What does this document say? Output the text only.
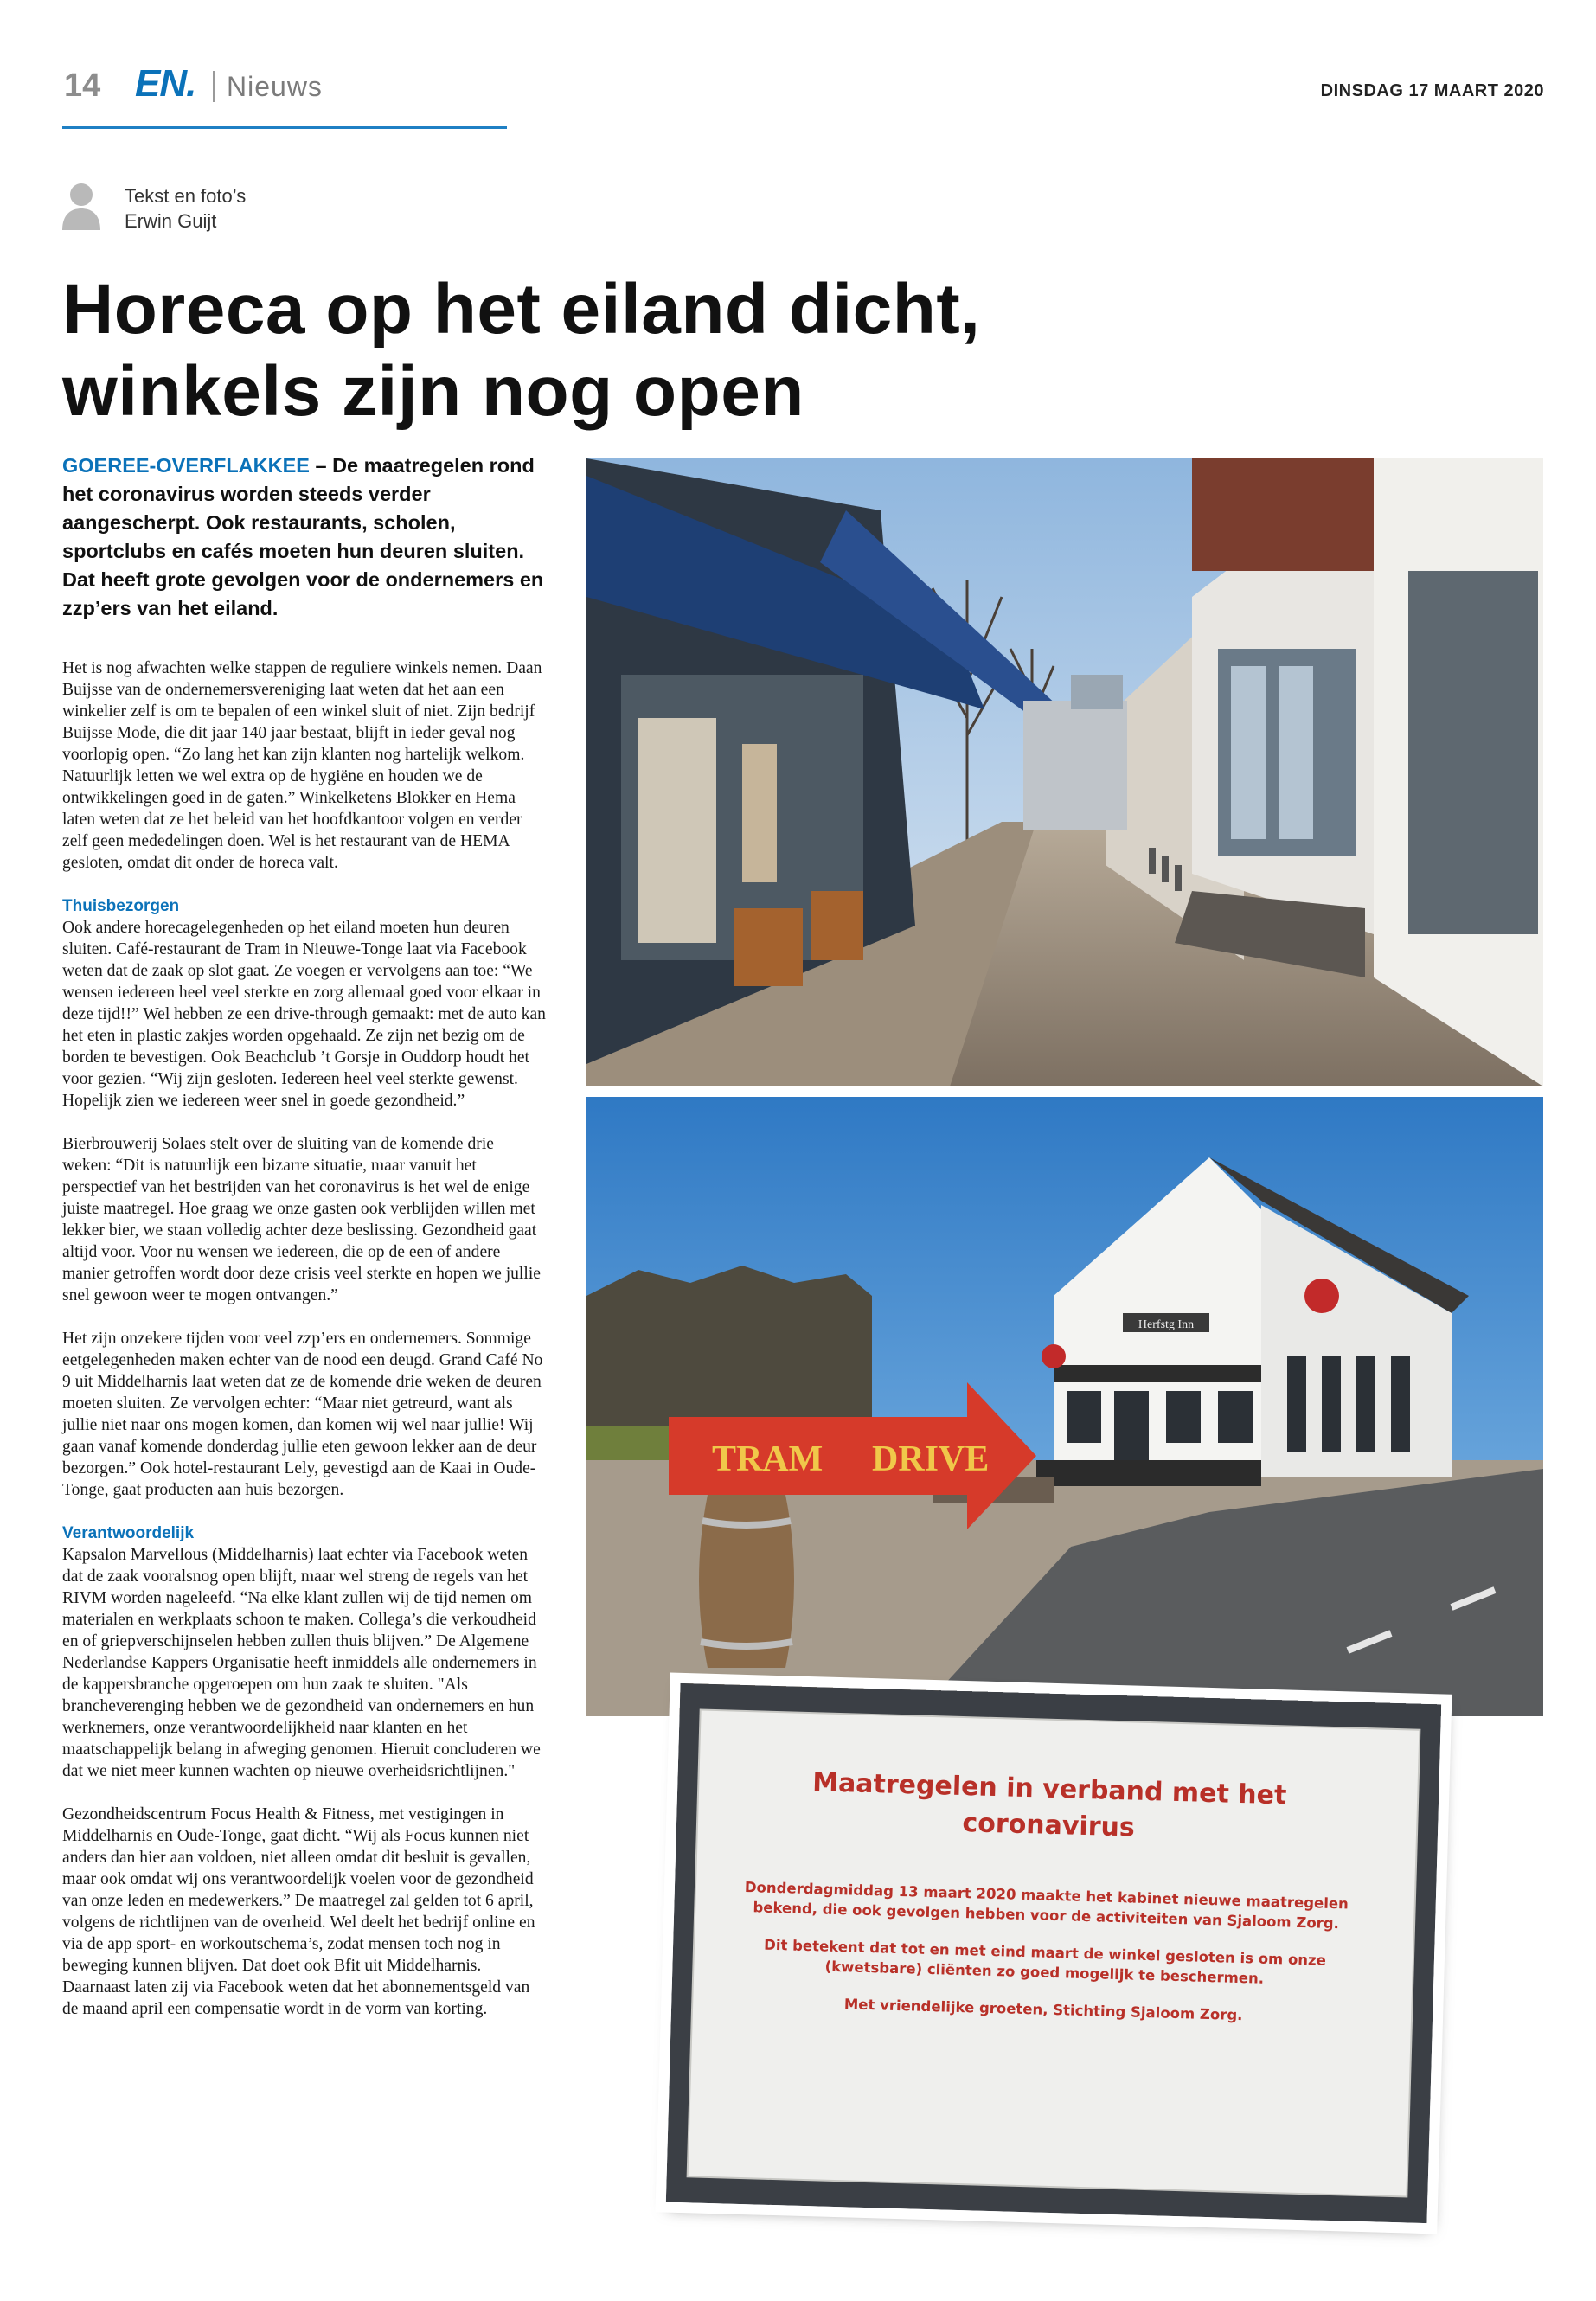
14 EN. Nieuws	DINSDAG 17 MAART 2020
Tekst en foto’s
Erwin Guijt
Horeca op het eiland dicht,
winkels zijn nog open
GOEREE-OVERFLAKKEE – De maatregelen rond het coronavirus worden steeds verder aangescherpt. Ook restaurants, scholen, sportclubs en cafés moeten hun deuren sluiten. Dat heeft grote gevolgen voor de ondernemers en zzp’ers van het eiland.

Het is nog afwachten welke stappen de reguliere winkels nemen. Daan Buijsse van de ondernemersvereniging laat weten dat het aan een winkelier zelf is om te bepalen of een winkel sluit of niet. Zijn bedrijf Buijsse Mode, die dit jaar 140 jaar bestaat, blijft in ieder geval nog voorlopig open. “Zo lang het kan zijn klanten nog hartelijk welkom. Natuurlijk letten we wel extra op de hygiëne en houden we de ontwikkelingen goed in de gaten.” Winkelketens Blokker en Hema laten weten dat ze het beleid van het hoofdkantoor volgen en verder zelf geen mededelingen doen. Wel is het restaurant van de HEMA gesloten, omdat dit onder de horeca valt.

Thuisbezorgen

Ook andere horecagelegenheden op het eiland moeten hun deuren sluiten. Café-restaurant de Tram in Nieuwe-Tonge laat via Facebook weten dat de zaak op slot gaat. Ze voegen er vervolgens aan toe: “We wensen iedereen heel veel sterkte en zorg allemaal goed voor elkaar in deze tijd!!” Wel hebben ze een drive-through gemaakt: met de auto kan het eten in plastic zakjes worden opgehaald. Ze zijn net bezig om de borden te bevestigen. Ook Beachclub ’t Gorsje in Ouddorp houdt het voor gezien. “Wij zijn gesloten. Iedereen heel veel sterkte gewenst. Hopelijk zien we iedereen weer snel in goede gezondheid.”

Bierbrouwerij Solaes stelt over de sluiting van de komende drie weken: “Dit is natuurlijk een bizarre situatie, maar vanuit het perspectief van het bestrijden van het coronavirus is het wel de enige juiste maatregel. Hoe graag we onze gasten ook verblijden willen met lekker bier, we staan volledig achter deze beslissing. Gezondheid gaat altijd voor. Voor nu wensen we iedereen, die op de een of andere manier getroffen wordt door deze crisis veel sterkte en hopen we jullie snel gewoon weer te mogen ontvangen.”

Het zijn onzekere tijden voor veel zzp’ers en ondernemers. Sommige eetgelegenheden maken echter van de nood een deugd. Grand Café No 9 uit Middelharnis laat weten dat ze de komende drie weken de deuren moeten sluiten. Ze vervolgen echter: “Maar niet getreurd, want als jullie niet naar ons mogen komen, dan komen wij wel naar jullie! Wij gaan vanaf komende donderdag jullie eten gewoon lekker aan de deur bezorgen.” Ook hotel-restaurant Lely, gevestigd aan de Kaai in Oude-Tonge, gaat producten aan huis bezorgen.

Verantwoordelijk

Kapsalon Marvellous (Middelharnis) laat echter via Facebook weten dat de zaak vooralsnog open blijft, maar wel streng de regels van het RIVM worden nageleefd. “Na elke klant zullen wij de tijd nemen om materialen en werkplaats schoon te maken. Collega’s die verkoudheid en of griepverschijnselen hebben zullen thuis blijven.” De Algemene Nederlandse Kappers Organisatie heeft inmiddels alle ondernemers in de kappersbranche opgeroepen om hun zaak te sluiten. "Als brancheverenging hebben we de gezondheid van ondernemers en hun werknemers, onze verantwoordelijkheid naar klanten en het maatschappelijk belang in afweging genomen. Hieruit concluderen we dat we niet meer kunnen wachten op nieuwe overheidsrichtlijnen."

Gezondheidscentrum Focus Health & Fitness, met vestigingen in Middelharnis en Oude-Tonge, gaat dicht. “Wij als Focus kunnen niet anders dan hier aan voldoen, niet alleen omdat dit besluit is gevallen, maar ook omdat wij ons verantwoordelijk voelen voor de gezondheid van onze leden en medewerkers.” De maatregel zal gelden tot 6 april, volgens de richtlijnen van de overheid. Wel deelt het bedrijf online en via de app sport- en workoutschema’s, zodat mensen toch nog in beweging kunnen blijven. Dat doet ook Bfit uit Middelharnis. Daarnaast laten zij via Facebook weten dat het abonnementsgeld van de maand april een compensatie wordt in de vorm van korting.

Herfstg Inn
TRAM DRIVE
Maatregelen in verband met het
coronavirus

Donderdagmiddag 13 maart 2020 maakte het kabinet nieuwe maatregelen bekend, die ook gevolgen hebben voor de activiteiten van Sjaloom Zorg.

Dit betekent dat tot en met eind maart de winkel gesloten is om onze (kwetsbare) cliënten zo goed mogelijk te beschermen.

Met vriendelijke groeten, Stichting Sjaloom Zorg.
